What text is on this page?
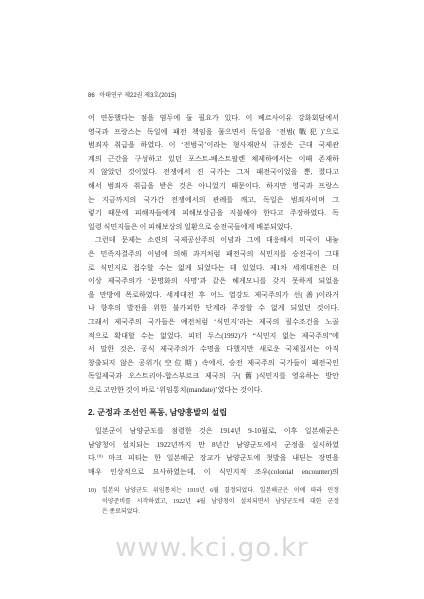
86 아태연구 제22권 제3호(2015)
어 연동했다는 점을 염두에 둘 필요가 있다. 이 베르사이유 강화회담에서
영국과 프랑스는 독일에 패전 책임을 물으면서 독일을 ‘전범(戰犯)’으로
범죄자 취급을 하였다. 이 ‘전범국’이라는 형사재판식 규정은 근대 국제관
계의 근간을 구성하고 있던 포스트-베스트팔렌 체제하에서는 이때 존재하
지 않았던 것이었다. 전쟁에서 진 국가는 그저 패전국이었을 뿐, 졌다고
해서 범죄자 취급을 받은 것은 아니었기 때문이다. 하지만 영국과 프랑스
는 지금까지의 국가간 전쟁에서의 관례를 깨고, 독일은 범죄자이며 그
렇기 때문에 피해자들에게 피해보상금을 지불해야 한다고 주장하였다. 독
일령 식민지들은 이 피해보상의 일환으로 승전국들에게 배분되었다.
그런데 문제는 소련의 국제공산주의 이념과 그에 대응해서 미국이 내놓
은 민족자결주의 이념에 의해 과거처럼 패전국의 식민지를 승전국이 그대
로 식민지로 접수할 수는 없게 되었다는 데 있었다. 제1차 세계대전은 더
이상 제국주의가 ‘문명화의 사명’과 같은 헤게모니를 갖지 못하게 되었음
을 만방에 폭로하였다. 세계대전 후 어느 열강도 제국주의가 선(善)이라거
나 향후의 발전을 위한 불가피한 단계라 주장할 수 없게 되었던 것이다.
그래서 제국주의 국가들은 예전처럼 ‘식민지’라는 제국의 필수조건을 노골
적으로 확대할 수는 없었다. 피터 두스(1992)가 “식민지 없는 제국주의”에
서 말한 것은, 공식 제국주의가 수명을 다했지만 새로운 국제질서는 아직
창출되지 않은 공위기(空位期) 속에서, 승전 제국주의 국가들이 패전국인
독일제국과 오스트리아-합스부르크 제국의 구(舊)식민지를 영유하는 방안
으로 고안한 것이 바로 ‘위임통치(mandate)’였다는 것이다.
2. 군정과 조선인 폭동, 남양흥발의 설립
일본군이 남양군도를 점령한 것은 1914년 9-10월로, 이후 일본해군은
남양청이 설치되는 1922년까지 만 8년간 남양군도에서 군정을 실시하였
다.$^{10)}$ 마크 피티는 한 일본해군 장교가 남양군도에 첫발을 내딛는 장면을
매우 인상적으로 묘사하였는데, 이 식민지적 조우(colonial encounter)의
10) 일본의 남양군도 위임통치는 1919년 6월 결정되었다. 일본해군은 이에 따라 민정
이양준비를 시작하였고, 1922년 4월 남양청이 설치되면서 남양군도에 대한 군정
은 종료되었다.
www.kci.go.kr
